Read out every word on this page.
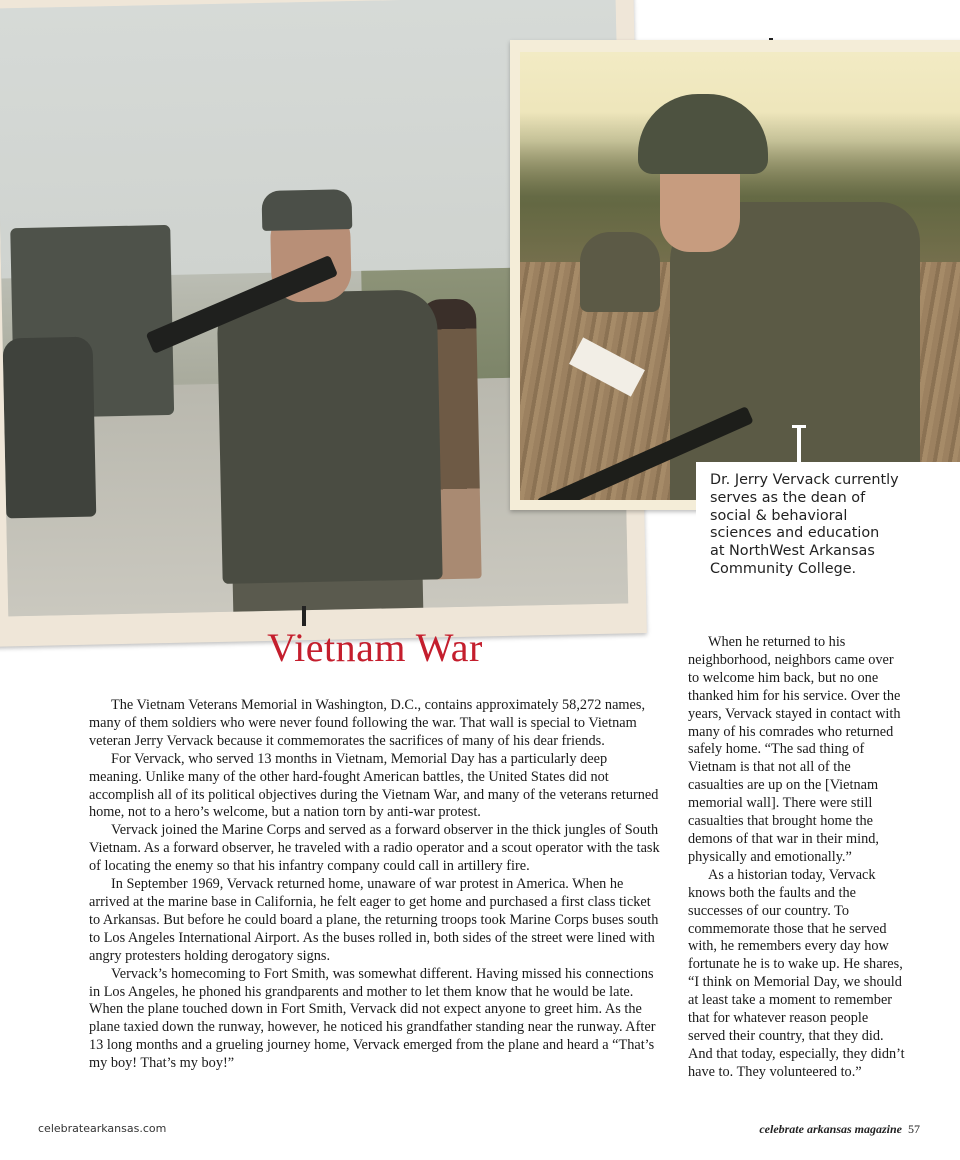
Dr. Jerry Vervack currently
serves as the dean of
social & behavioral
sciences and education
at NorthWest Arkansas
Community College.
Vietnam War

The Vietnam Veterans Memorial in Washington, D.C., contains approximately 58,272 names, many of them soldiers who were never found following the war. That wall is special to Vietnam veteran Jerry Vervack because it commemorates the sacrifices of many of his dear friends.

For Vervack, who served 13 months in Vietnam, Memorial Day has a particularly deep meaning. Unlike many of the other hard-fought American battles, the United States did not accomplish all of its political objectives during the Vietnam War, and many of the veterans returned home, not to a hero’s welcome, but a nation torn by anti-war protest.

Vervack joined the Marine Corps and served as a forward observer in the thick jungles of South Vietnam. As a forward observer, he traveled with a radio operator and a scout operator with the task of locating the enemy so that his infantry company could call in artillery fire.

In September 1969, Vervack returned home, unaware of war protest in America. When he arrived at the marine base in California, he felt eager to get home and purchased a first class ticket to Arkansas. But before he could board a plane, the returning troops took Marine Corps buses south to Los Angeles International Airport. As the buses rolled in, both sides of the street were lined with angry protesters holding derogatory signs.

Vervack’s homecoming to Fort Smith, was somewhat different. Having missed his connections in Los Angeles, he phoned his grandparents and mother to let them know that he would be late. When the plane touched down in Fort Smith, Vervack did not expect anyone to greet him. As the plane taxied down the runway, however, he noticed his grandfather standing near the runway. After 13 long months and a grueling journey home, Vervack emerged from the plane and heard a “That’s my boy! That’s my boy!”

When he returned to his neighborhood, neighbors came over to welcome him back, but no one thanked him for his service. Over the years, Vervack stayed in contact with many of his comrades who returned safely home. “The sad thing of Vietnam is that not all of the casualties are up on the [Vietnam memorial wall]. There were still casualties that brought home the demons of that war in their mind, physically and emotionally.”

As a historian today, Vervack knows both the faults and the successes of our country. To commemorate those that he served with, he remembers every day how fortunate he is to wake up. He shares, “I think on Memorial Day, we should at least take a moment to remember that for whatever reason people served their country, that they did. And that today, especially, they didn’t have to. They volunteered to.”

celebratearkansas.com	celebrate arkansas magazine 57
